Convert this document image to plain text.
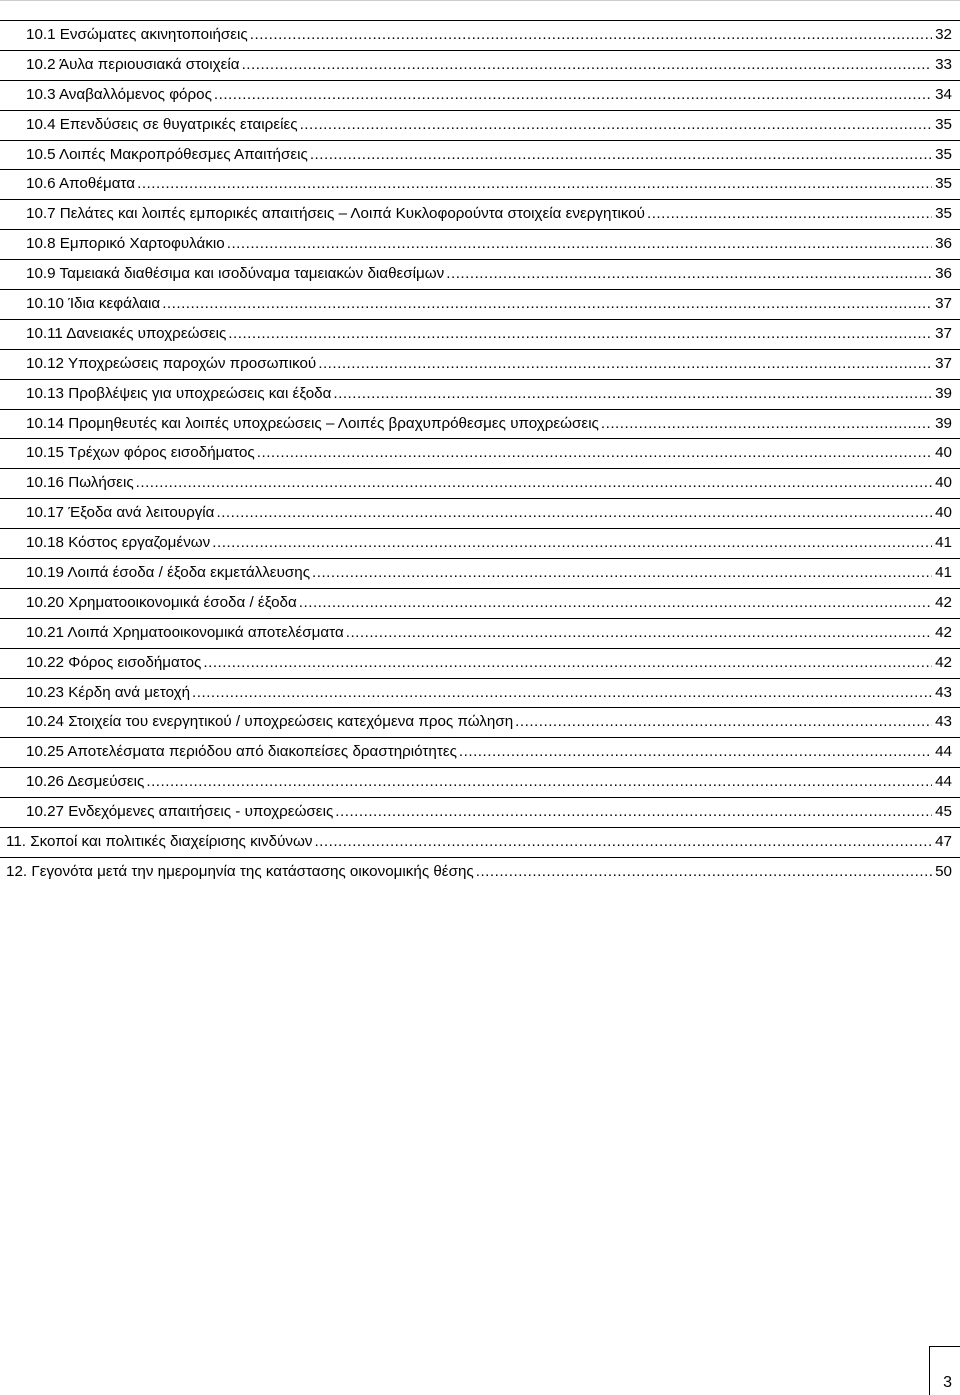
10.1 Ενσώματες ακινητοποιήσεις .....	32
10.2 Άυλα περιουσιακά στοιχεία .....	33
10.3 Αναβαλλόμενος φόρος .....	34
10.4 Επενδύσεις σε θυγατρικές εταιρείες .....	35
10.5 Λοιπές Μακροπρόθεσμες Απαιτήσεις .....	35
10.6 Αποθέματα .....	35
10.7 Πελάτες και λοιπές εμπορικές απαιτήσεις – Λοιπά Κυκλοφορούντα στοιχεία ενεργητικού .....	35
10.8 Εμπορικό Χαρτοφυλάκιο .....	36
10.9 Ταμειακά διαθέσιμα και ισοδύναμα ταμειακών διαθεσίμων .....	36
10.10 Ίδια κεφάλαια .....	37
10.11 Δανειακές υποχρεώσεις .....	37
10.12 Υποχρεώσεις παροχών προσωπικού .....	37
10.13 Προβλέψεις για υποχρεώσεις και έξοδα .....	39
10.14 Προμηθευτές και λοιπές υποχρεώσεις – Λοιπές βραχυπρόθεσμες υποχρεώσεις .....	39
10.15 Τρέχων φόρος εισοδήματος .....	40
10.16 Πωλήσεις .....	40
10.17 Έξοδα ανά λειτουργία .....	40
10.18 Κόστος εργαζομένων .....	41
10.19 Λοιπά έσοδα / έξοδα εκμετάλλευσης .....	41
10.20 Χρηματοοικονομικά έσοδα / έξοδα .....	42
10.21 Λοιπά Χρηματοοικονομικά αποτελέσματα .....	42
10.22 Φόρος εισοδήματος .....	42
10.23 Κέρδη ανά μετοχή .....	43
10.24 Στοιχεία του ενεργητικού / υποχρεώσεις κατεχόμενα προς πώληση .....	43
10.25 Αποτελέσματα περιόδου από διακοπείσες δραστηριότητες .....	44
10.26 Δεσμεύσεις .....	44
10.27 Ενδεχόμενες απαιτήσεις - υποχρεώσεις .....	45
11. Σκοποί και πολιτικές διαχείρισης κινδύνων .....	47
12. Γεγονότα μετά την ημερομηνία της κατάστασης οικονομικής θέσης .....	50
3
